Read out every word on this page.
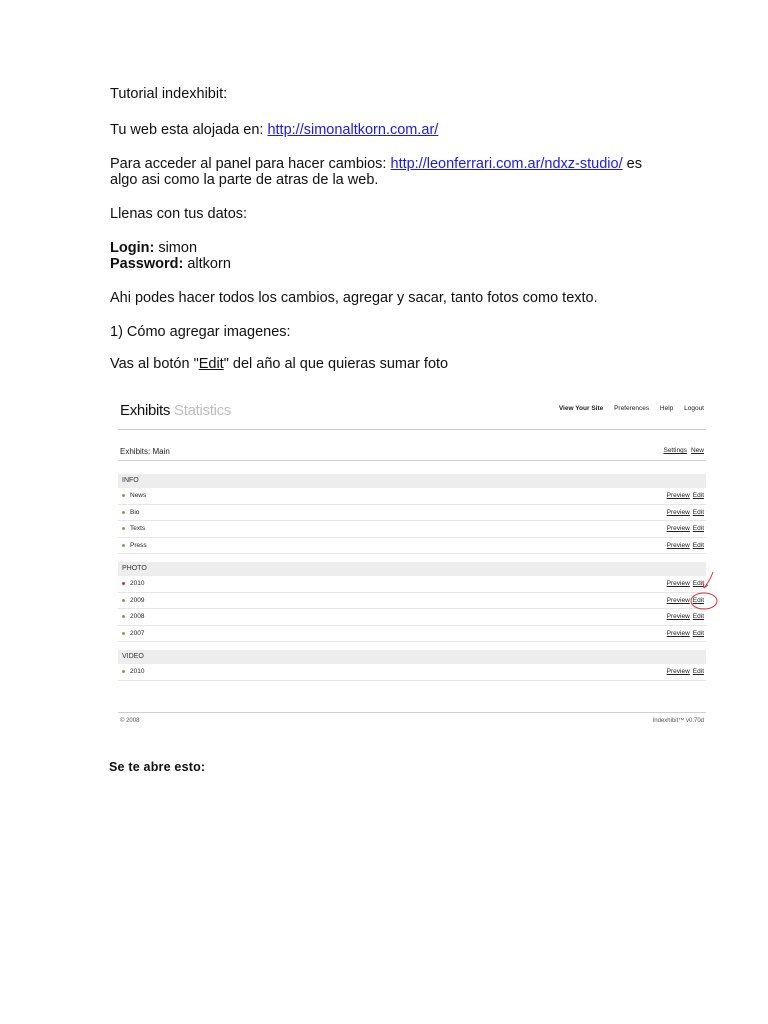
Tutorial indexhibit:

Tu web esta alojada en: http://simonaltkorn.com.ar/

Para acceder al panel para hacer cambios: http://leonferrari.com.ar/ndxz-studio/ es
algo asi como la parte de atras de la web.

Llenas con tus datos:

Login: simon
Password: altkorn

Ahi podes hacer todos los cambios, agregar y sacar, tanto fotos como texto.

1) Cómo agregar imagenes:

Vas al botón "Edit" del año al que quieras sumar foto

Exhibits Statistics	View Your Site Preferences Help Logout
Exhibits: Main	Settings New
INFO
News	Preview Edit
Bio	Preview Edit
Texts	Preview Edit
Press	Preview Edit
PHOTO
2010	Preview Edit
2009	Preview Edit
2008	Preview Edit
2007	Preview Edit
VIDEO
2010	Preview Edit
© 2008	Indexhibit™ v0.70d

Se te abre esto:
